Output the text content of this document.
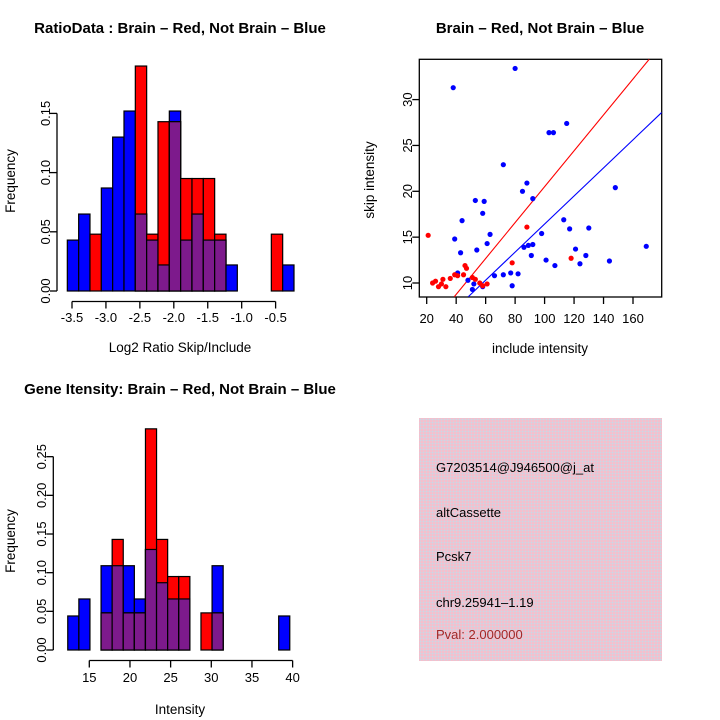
0.00
0.05
0.10
0.15
-3.5 -3.0 -2.5 -2.0 -1.5 -1.0 -0.5	20 40 60 80 100 120 140 160
10
15
20
25
30
0.00
0.05
0.10
0.15
0.20
0.25
15 20 25 30 35 40
RatioData : Brain – Red, Not Brain – Blue	Brain – Red, Not Brain – Blue
Gene Itensity: Brain – Red, Not Brain – Blue
Log2 Ratio Skip/Include	include intensity
Intensity
Frequency	skip intensity
Frequency
G7203514@J946500@j_at
altCassette
Pcsk7
chr9.25941–1.19
Pval: 2.000000
